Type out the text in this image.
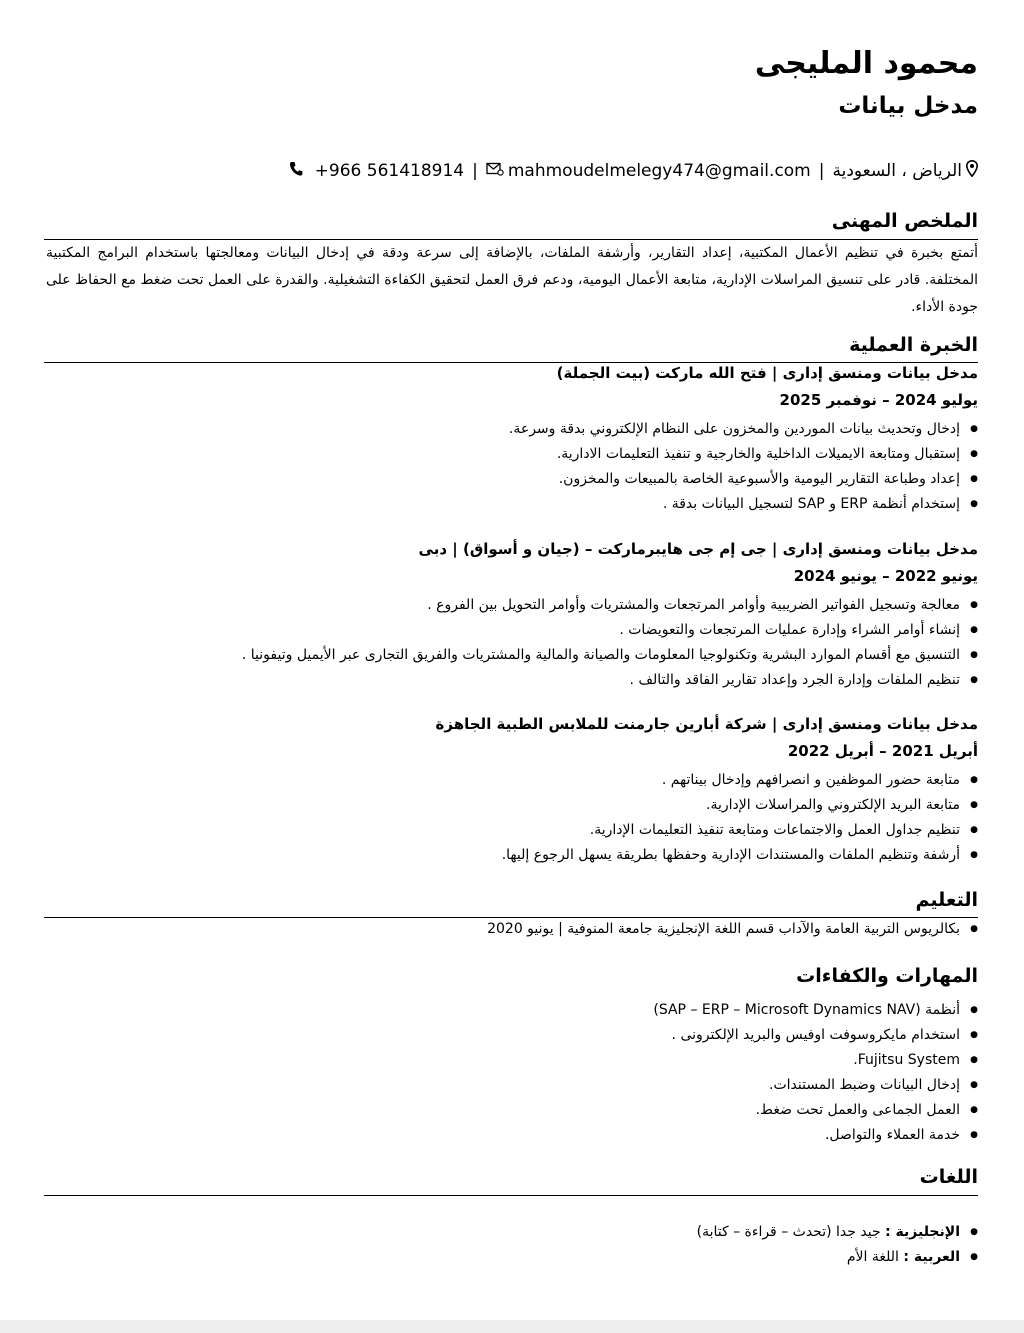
محمود المليجى
مدخل بيانات
الرياض ، السعودية
|
mahmoudelmelegy474@gmail.com
|
+966 561418914
الملخص المهنى
أتمتع بخبرة في تنظيم الأعمال المكتبية، إعداد التقارير، وأرشفة الملفات، بالإضافة إلى سرعة ودقة في إدخال البيانات ومعالجتها باستخدام البرامج المكتبية المختلفة. قادر على تنسيق المراسلات الإدارية، متابعة الأعمال اليومية، ودعم فرق العمل لتحقيق الكفاءة التشغيلية. والقدرة على العمل تحت ضغط مع الحفاظ على جودة الأداء.
الخبرة العملية
مدخل بيانات ومنسق إدارى | فتح الله ماركت (بيت الجملة)
يوليو 2024 – نوفمبر 2025
● إدخال وتحديث بيانات الموردين والمخزون على النظام الإلكتروني بدقة وسرعة.
● إستقبال ومتابعة الايميلات الداخلية والخارجية و تنفيذ التعليمات الادارية.
● إعداد وطباعة التقارير اليومية والأسبوعية الخاصة بالمبيعات والمخزون.
● إستخدام أنظمة ERP و SAP لتسجيل البيانات بدقة .
مدخل بيانات ومنسق إدارى | جى إم جى هايبرماركت – (جيان و أسواق) | دبى
يونيو 2022 – يونيو 2024
● معالجة وتسجيل الفواتير الضريبية وأوامر المرتجعات والمشتريات وأوامر التحويل بين الفروع .
● إنشاء أوامر الشراء وإدارة عمليات المرتجعات والتعويضات .
● التنسيق مع أقسام الموارد البشرية وتكنولوجيا المعلومات والصيانة والمالية والمشتريات والفريق التجارى عبر الأيميل وتيفونيا .
● تنظيم الملفات وإدارة الجرد وإعداد تقارير الفاقد والتالف .
مدخل بيانات ومنسق إدارى | شركة أبارين جارمنت للملابس الطبية الجاهزة
أبريل 2021 – أبريل 2022
● متابعة حضور الموظفين و انصرافهم وإدخال بيناتهم .
● متابعة البريد الإلكتروني والمراسلات الإدارية.
● تنظيم جداول العمل والاجتماعات ومتابعة تنفيذ التعليمات الإدارية.
● أرشفة وتنظيم الملفات والمستندات الإدارية وحفظها بطريقة يسهل الرجوع إليها.
التعليم
● بكالريوس التربية العامة والآداب قسم اللغة الإنجليزية جامعة المنوفية | يونيو 2020
المهارات والكفاءات
● أنظمة (SAP – ERP – Microsoft Dynamics NAV)
● استخدام مايكروسوفت اوفيس والبريد الإلكترونى .
● Fujitsu System.
● إدخال البيانات وضبط المستندات.
● العمل الجماعى والعمل تحت ضغط.
● خدمة العملاء والتواصل.
اللغات
● الإنجليزية : جيد جدا (تحدث – قراءة – كتابة)
● العربية : اللغة الأم
